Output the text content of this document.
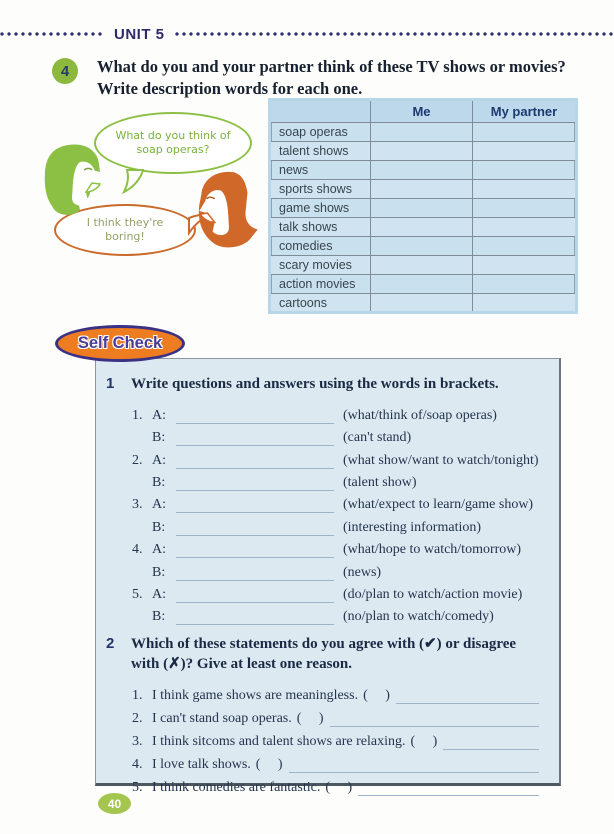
UNIT 5
4	What do you and your partner think of these TV shows or movies? Write description words for each one.

What do you think of soap operas?
I think they're boring!
	Me	My partner
soap operas		
talent shows		
news		
sports shows		
game shows		
talk shows		
comedies		
scary movies		
action movies		
cartoons		
Self Check
1 Write questions and answers using the words in brackets.
1. A:	(what/think of/soap operas)
B:	(can't stand)
2. A:	(what show/want to watch/tonight)
B:	(talent show)
3. A:	(what/expect to learn/game show)
B:	(interesting information)
4. A:	(what/hope to watch/tomorrow)
B:	(news)
5. A:	(do/plan to watch/action movie)
B:	(no/plan to watch/comedy)
2 Which of these statements do you agree with (✔) or disagree with (✗)? Give at least one reason.
1. I think game shows are meaningless. (     )
2. I can't stand soap operas. (     )
3. I think sitcoms and talent shows are relaxing. (     )
4. I love talk shows. (     )
5. I think comedies are fantastic. (     )
40
